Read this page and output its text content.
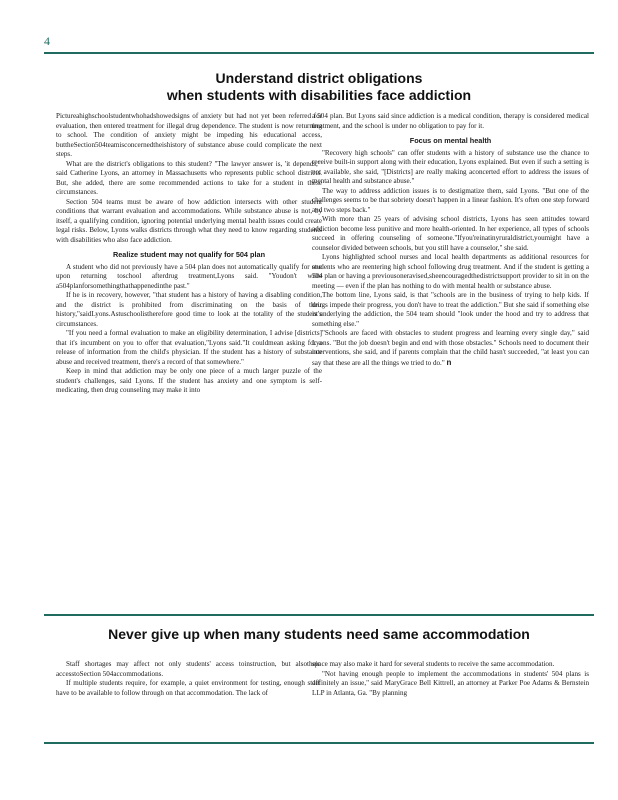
4
Understand district obligations
when students with disabilities face addiction

Pictureahighschoolstudentwhohadshowedsigns of anxiety but had not yet been referred for evaluation, then entered treatment for illegal drug dependence. The student is now returning to school. The condition of anxiety might be impeding his educational access, buttheSection504teamisconcernedtheishistory of substance abuse could complicate the next steps.

What are the district's obligations to this student? "The lawyer answer is, 'it depends,'" said Catherine Lyons, an attorney in Massachusetts who represents public school districts. But, she added, there are some recommended actions to take for a student in these circumstances.

Section 504 teams must be aware of how addiction intersects with other student conditions that warrant evaluation and accommodations. While substance abuse is not, by itself, a qualifying condition, ignoring potential underlying mental health issues could create legal risks. Below, Lyons walks districts through what they need to know regarding students with disabilities who also face addiction.

Realize student may not qualify for 504 plan

A student who did not previously have a 504 plan does not automatically qualify for one upon returning toschool afterdrug treatment,Lyons said. "Youdon't write a504planforsomethingthathappenedinthe past."

If he is in recovery, however, "that student has a history of having a disabling condition, and the district is prohibited from discriminating on the basis of their history,"saidLyons.Astuschoolistherefore good time to look at the totality of the student's circumstances.

"If you need a formal evaluation to make an eligibility determination, I advise [districts] that it's incumbent on you to offer that evaluation,"Lyons said."It couldmean asking for a release of information from the child's physician. If the student has a history of substance abuse and received treatment, there's a record of that somewhere."

Keep in mind that addiction may be only one piece of a much larger puzzle of the student's challenges, said Lyons. If the student has anxiety and one symptom is self-medicating, then drug counseling may make it into

a 504 plan. But Lyons said since addiction is a medical condition, therapy is considered medical treatment, and the school is under no obligation to pay for it.

Focus on mental health

"Recovery high schools" can offer students with a history of substance use the chance to receive built-in support along with their education, Lyons explained. But even if such a setting is not available, she said, "[Districts] are really making aconcerted effort to address the issues of mental health and substance abuse."

The way to address addiction issues is to destigmatize them, said Lyons. "But one of the challenges seems to be that sobriety doesn't happen in a linear fashion. It's often one step forward and two steps back."

With more than 25 years of advising school districts, Lyons has seen attitudes toward addiction become less punitive and more health-oriented. In her experience, all types of schools succeed in offering counseling of someone."Ifyou'reinatinyruraldistrict,youmight have a counselor divided between schools, but you still have a counselor," she said.

Lyons highlighted school nurses and local health departments as additional resources for students who are reentering high school following drug treatment. And if the student is getting a 504 plan or having a previousoneravised,sheencouragedthedistrictsupport provider to sit in on the meeting — even if the plan has nothing to do with mental health or substance abuse.

The bottom line, Lyons said, is that "schools are in the business of trying to help kids. If drugs impede their progress, you don't have to treat the addiction." But she said if something else is underlying the addiction, the 504 team should "look under the hood and try to address that something else."

"Schools are faced with obstacles to student progress and learning every single day," said Lyons. "But the job doesn't begin and end with those obstacles." Schools need to document their interventions, she said, and if parents complain that the child hasn't succeeded, "at least you can say that these are all the things we tried to do." n

Never give up when many students need same accommodation

Staff shortages may affect not only students' access toinstruction, but alsotheir accesstoSection 504accommodations.

If multiple students require, for example, a quiet environment for testing, enough staff have to be available to follow through on that accommodation. The lack of

space may also make it hard for several students to receive the same accommodation.

"Not having enough people to implement the accommodations in students' 504 plans is definitely an issue," said MaryGrace Bell Kittrell, an attorney at Parker Poe Adams & Bernstein LLP in Atlanta, Ga. "By planning
